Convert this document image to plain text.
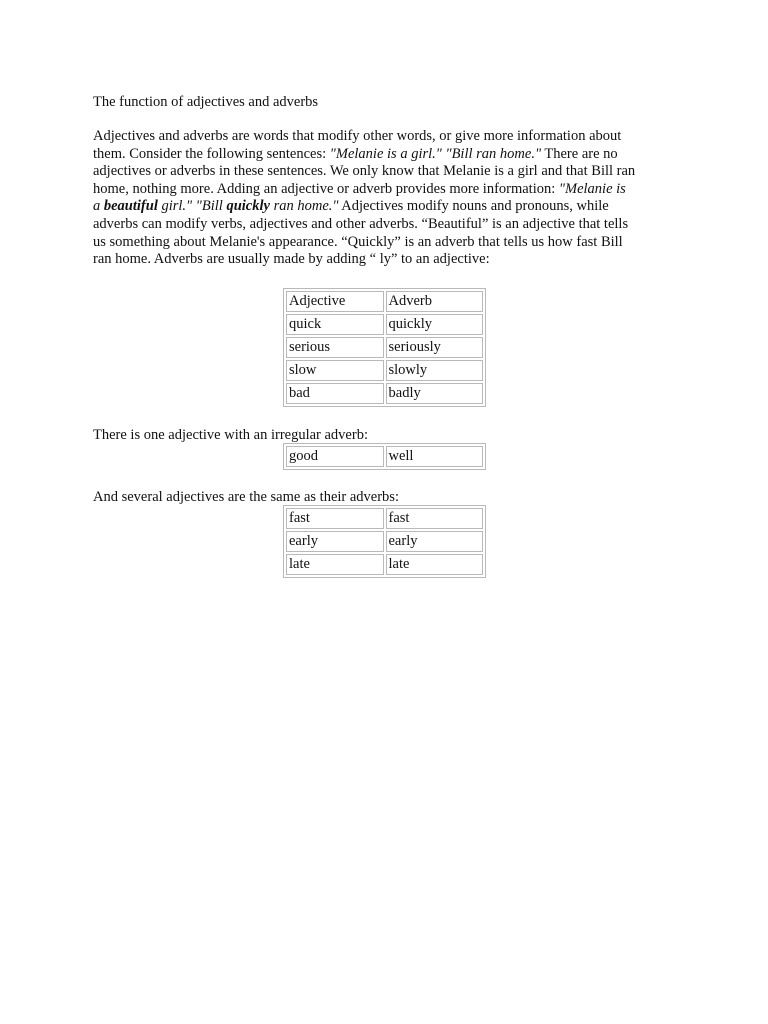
The function of adjectives and adverbs
Adjectives and adverbs are words that modify other words, or give more information about
them. Consider the following sentences: "Melanie is a girl." "Bill ran home." There are no
adjectives or adverbs in these sentences. We only know that Melanie is a girl and that Bill ran
home, nothing more. Adding an adjective or adverb provides more information: "Melanie is
a beautiful girl." "Bill quickly ran home." Adjectives modify nouns and pronouns, while
adverbs can modify verbs, adjectives and other adverbs. “Beautiful” is an adjective that tells
us something about Melanie's appearance. “Quickly” is an adverb that tells us how fast Bill
ran home. Adverbs are usually made by adding “ ly” to an adjective:
Adjective	Adverb
quick	quickly
serious	seriously
slow	slowly
bad	badly
There is one adjective with an irregular adverb:
good	well
And several adjectives are the same as their adverbs:
fast	fast
early	early
late	late
